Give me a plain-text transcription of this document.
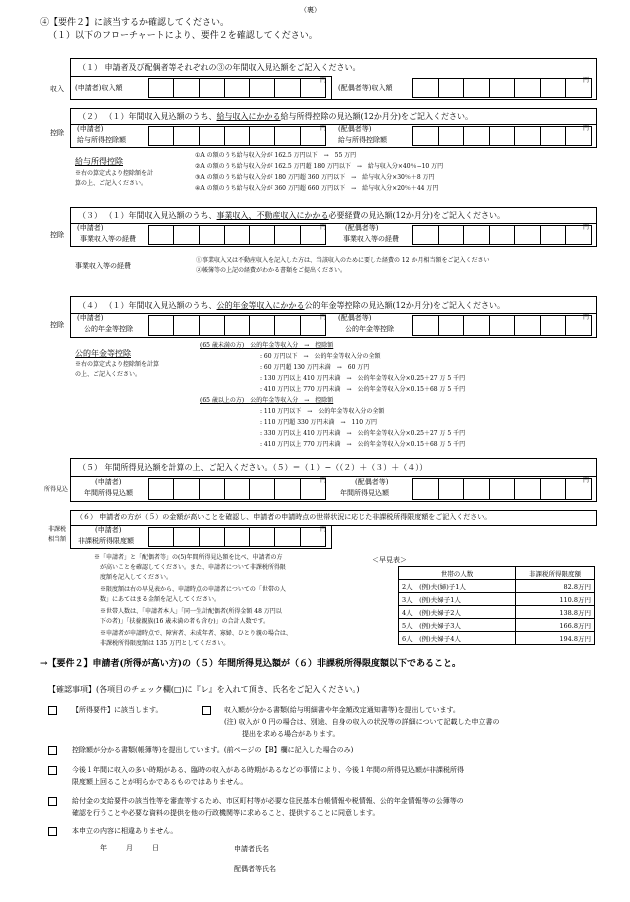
（裏）
④【要件２】に該当するか確認してください。
（１）以下のフローチャートにより、要件２を確認してください。
収入
（１） 申請者及び配偶者等それぞれの③の年間収入見込額をご記入ください。
(申請者)収入額
円
(配偶者等)収入額
円
控除
（２） （１）年間収入見込額のうち、給与収入にかかる給与所得控除の見込額(12か月分)をご記入ください。
(申請者)
給与所得控除額
円 (配偶者等)
給与所得控除額
円
給与所得控除
※右の算定式より控除額を計
算の上、ご記入ください。
①A の額のうち給与収入分が 162.5 万円以下　→　55 万円
②A の額のうち給与収入分が 162.5 万円超 180 万円以下　→　給与収入分×40％−10 万円
③A の額のうち給与収入分が 180 万円超 360 万円以下　→　給与収入分×30％＋8 万円
④A の額のうち給与収入分が 360 万円超 660 万円以下　→　給与収入分×20％＋44 万円
控除
（３） （１）年間収入見込額のうち、事業収入、不動産収入にかかる必要経費の見込額(12か月分)をご記入ください。
(申請者)
事業収入等の経費
円	(配偶者等)
事業収入等の経費
円
事業収入等の経費
①事業収入又は不動産収入を記入した方は、当該収入のために要した経費の 12 か月相当額をご記入ください
②帳簿等の上記の経費がわかる書類をご提出ください。
控除
（４） （１）年間収入見込額のうち、公的年金等収入にかかる公的年金等控除の見込額(12か月分)をご記入ください。
(申請者)
公的年金等控除
円 (配偶者等)
公的年金等控除
円
公的年金等控除
※右の算定式より控除額を計算
の上、ご記入ください。
(65 歳未満の方)　公的年金等収入分　→　控除額
: 60 万円以下　→　公的年金等収入分の全額
: 60 万円超 130 万円未満　→　60 万円
: 130 万円以上 410 万円未満　→　公的年金等収入分×0.25＋27 万 5 千円
: 410 万円以上 770 万円未満　→　公的年金等収入分×0.15＋68 万 5 千円
(65 歳以上の方)　公的年金等収入分　→　控除額
: 110 万円以下　→　公的年金等収入分の全額
: 110 万円超 330 万円未満　→　110 万円
: 330 万円以上 410 万円未満　→　公的年金等収入分×0.25＋27 万 5 千円
: 410 万円以上 770 万円未満　→　公的年金等収入分×0.15＋68 万 5 千円
所得見込
（５） 年間所得見込額を計算の上、ご記入ください。（５）＝（１）−（（２）＋（３）＋（４））
(申請者)
年間所得見込額
円	(配偶者等)
年間所得見込額
円
非課税
相当額
（６） 申請者の方が（５）の金額が高いことを確認し、申請者の申請時点の世帯状況に応じた非課税所得限度額をご記入ください。
(申請者)
非課税所得限度額
円
※「申請者」と「配偶者等」の(5)年間所得見込額を比べ、申請者の方
が高いことを確認してください。また、申請者について非課税所得限
度額を記入してください。
※限度額は右の早見表から、申請時点の申請者についての「世帯の人
数」にあてはまる金額を記入してください。
※世帯人数は、「申請者本人」「同一生計配偶者(所得金額 48 万円以
下の者)」「扶養親族(16 歳未満の者も含む)」の合計人数です。
※申請者が申請時点で、障害者、未成年者、寡婦、ひとり親の場合は、
非課税所得限度額は 135 万円としてください。
＜早見表＞
世帯の人数	非課税所得限度額
2人　(例)夫(婦)子1人	82.8万円
3人　(例)夫婦子1人	110.8万円
4人　(例)夫婦子2人	138.8万円
5人　(例)夫婦子3人	166.8万円
6人　(例)夫婦子4人	194.8万円
→【要件２】申請者(所得が高い方)の（５）年間所得見込額が（６）非課税所得限度額以下であること。
【確認事項】(各項目のチェック欄(□)に『レ』を入れて頂き、氏名をご記入ください。)
【所得要件】に該当します。	収入額が分かる書類(給与明細書や年金額改定通知書等)を提出しています。
(注) 収入が 0 円の場合は、別途、自身の収入の状況等の詳細について記載した申立書の
提出を求める場合があります。
控除額が分かる書類(帳簿等)を提出しています。(前ページの【B】欄に記入した場合のみ)
今後１年間に収入の多い時期がある、臨時の収入がある時期があるなどの事情により、今後１年間の所得見込額が非課税所得
限度額上回ることが明らかであるものではありません。
給付金の支給要件の該当性等を審査等するため、市区町村等が必要な住民基本台帳情報や税情報、公的年金情報等の公簿等の
確認を行うことや必要な資料の提供を他の行政機関等に求めること、提供することに同意します。
本申立の内容に相違ありません。
年	月	日	申請者氏名
配偶者等氏名
